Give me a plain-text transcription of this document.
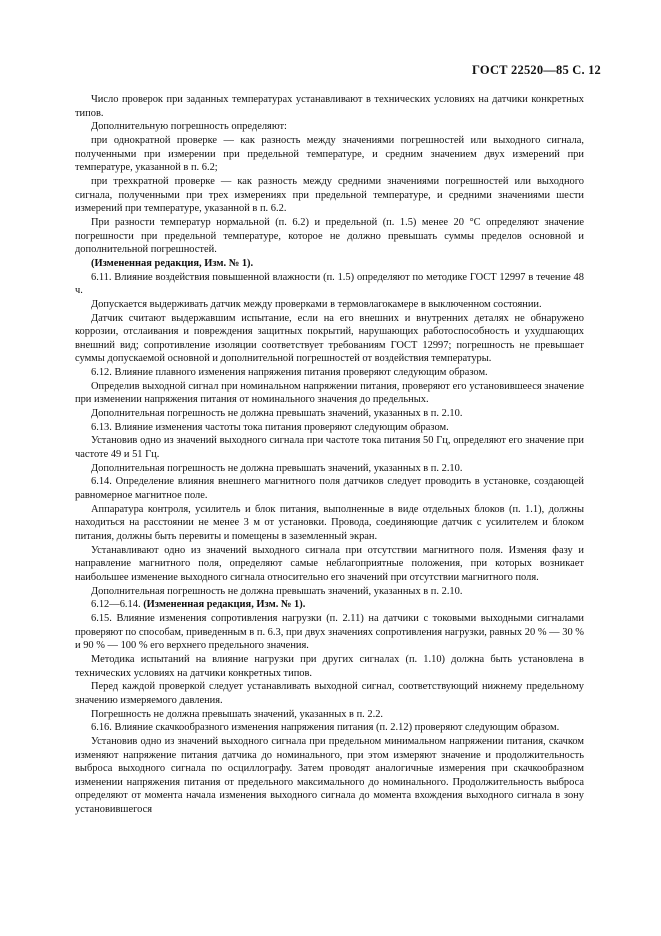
ГОСТ 22520—85 С. 12

Число проверок при заданных температурах устанавливают в технических условиях на датчики конкретных типов.

Дополнительную погрешность определяют:

при однократной проверке — как разность между значениями погрешностей или выходного сигнала, полученными при измерении при предельной температуре, и средним значением двух измерений при температуре, указанной в п. 6.2;

при трехкратной проверке — как разность между средними значениями погрешностей или выходного сигнала, полученными при трех измерениях при предельной температуре, и средними значениями шести измерений при температуре, указанной в п. 6.2.

При разности температур нормальной (п. 6.2) и предельной (п. 1.5) менее 20 °С определяют значение погрешности при предельной температуре, которое не должно превышать суммы пределов основной и дополнительной погрешностей.

(Измененная редакция, Изм. № 1).

6.11. Влияние воздействия повышенной влажности (п. 1.5) определяют по методике ГОСТ 12997 в течение 48 ч.

Допускается выдерживать датчик между проверками в термовлагокамере в выключенном состоянии.

Датчик считают выдержавшим испытание, если на его внешних и внутренних деталях не обнаружено коррозии, отслаивания и повреждения защитных покрытий, нарушающих работоспособность и ухудшающих внешний вид; сопротивление изоляции соответствует требованиям ГОСТ 12997; погрешность не превышает суммы допускаемой основной и дополнительной погрешностей от воздействия температуры.

6.12. Влияние плавного изменения напряжения питания проверяют следующим образом.

Определив выходной сигнал при номинальном напряжении питания, проверяют его установившееся значение при изменении напряжения питания от номинального значения до предельных.

Дополнительная погрешность не должна превышать значений, указанных в п. 2.10.

6.13. Влияние изменения частоты тока питания проверяют следующим образом.

Установив одно из значений выходного сигнала при частоте тока питания 50 Гц, определяют его значение при частоте 49 и 51 Гц.

Дополнительная погрешность не должна превышать значений, указанных в п. 2.10.

6.14. Определение влияния внешнего магнитного поля датчиков следует проводить в установке, создающей равномерное магнитное поле.

Аппаратура контроля, усилитель и блок питания, выполненные в виде отдельных блоков (п. 1.1), должны находиться на расстоянии не менее 3 м от установки. Провода, соединяющие датчик с усилителем и блоком питания, должны быть перевиты и помещены в заземленный экран.

Устанавливают одно из значений выходного сигнала при отсутствии магнитного поля. Изменяя фазу и направление магнитного поля, определяют самые неблагоприятные положения, при которых возникает наибольшее изменение выходного сигнала относительно его значений при отсутствии магнитного поля.

Дополнительная погрешность не должна превышать значений, указанных в п. 2.10.

6.12—6.14. (Измененная редакция, Изм. № 1).

6.15. Влияние изменения сопротивления нагрузки (п. 2.11) на датчики с токовыми выходными сигналами проверяют по способам, приведенным в п. 6.3, при двух значениях сопротивления нагрузки, равных 20 % — 30 % и 90 % — 100 % его верхнего предельного значения.

Методика испытаний на влияние нагрузки при других сигналах (п. 1.10) должна быть установлена в технических условиях на датчики конкретных типов.

Перед каждой проверкой следует устанавливать выходной сигнал, соответствующий нижнему предельному значению измеряемого давления.

Погрешность не должна превышать значений, указанных в п. 2.2.

6.16. Влияние скачкообразного изменения напряжения питания (п. 2.12) проверяют следующим образом.

Установив одно из значений выходного сигнала при предельном минимальном напряжении питания, скачком изменяют напряжение питания датчика до номинального, при этом измеряют значение и продолжительность выброса выходного сигнала по осциллографу. Затем проводят аналогичные измерения при скачкообразном изменении напряжения питания от предельного максимального до номинального. Продолжительность выброса определяют от момента начала изменения выходного сигнала до момента вхождения выходного сигнала в зону установившегося
